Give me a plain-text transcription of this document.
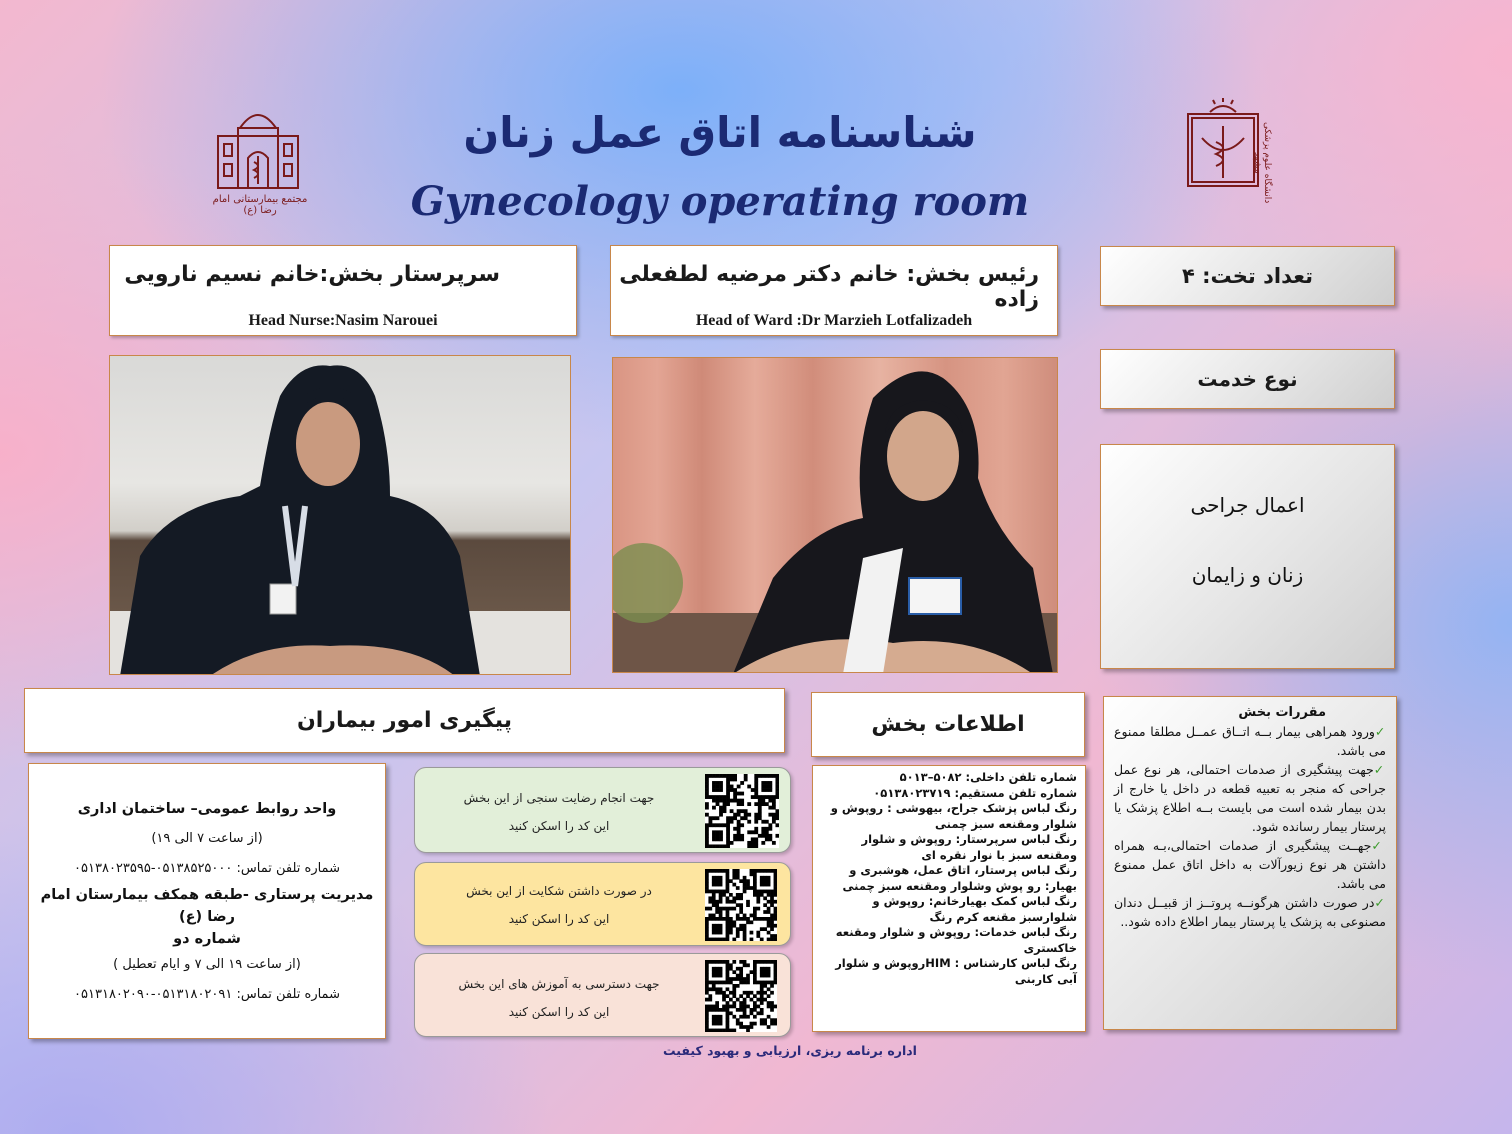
شناسنامه اتاق عمل زنان
Gynecology operating room
مجتمع بیمارستانی امام رضا (ع)
دانشگاه علوم پزشکی مشهد
سرپرستار بخش:خانم نسیم نارویی
Head Nurse:Nasim Narouei
رئیس بخش: خانم دکتر مرضیه لطفعلی زاده
Head of Ward :Dr Marzieh Lotfalizadeh
تعداد تخت: ۴
نوع خدمت
اعمال جراحی
زنان و زایمان
پیگیری امور بیماران	اطلاعات بخش
واحد روابط عمومی– ساختمان اداری
(از ساعت ۷ الی ۱۹)
شماره تلفن تماس: ۰۵۱۳۸۵۲۵۰۰۰-۰۵۱۳۸۰۲۳۵۹۵
مدیریت پرستاری -طبقه همکف بیمارستان امام رضا (ع)
شماره دو
(از ساعت ۱۹ الی ۷ و ایام تعطیل )
شماره تلفن تماس: ۰۵۱۳۱۸۰۲۰۹۱-۰۵۱۳۱۸۰۲۰۹۰
جهت انجام رضایت سنجی از این بخش
این کد را اسکن کنید
در صورت داشتن شکایت از این بخش
این کد را اسکن کنید
جهت دسترسی به آموزش های این بخش
این کد را اسکن کنید
شماره تلفن داخلی: ۵۰۸۲–۵۰۱۳
شماره تلفن مستقیم: ۰۵۱۳۸۰۲۳۷۱۹
رنگ لباس پزشک جراح، بیهوشی : روپوش و شلوار ومقنعه سبز چمنی
رنگ لباس سرپرستار: روپوش و شلوار ومقنعه سبز با نوار نقره ای
رنگ لباس پرستار، اتاق عمل، هوشبری و بهیار: رو پوش وشلوار ومقنعه سبز چمنی
رنگ لباس کمک بهیارخانم: روپوش و شلوارسبز مقنعه کرم رنگ
رنگ لباس خدمات: روپوش و شلوار ومقنعه خاکستری
رنگ لباس کارشناس : HIMروپوش و شلوار آبی کاربنی
مقررات بخش
✓ورود همراهی بیمار بــه اتــاق عمــل مطلقا ممنوع می باشد.
✓جهت پیشگیری از صدمات احتمالی، هر نوع عمل جراحی که منجر به تعبیه قطعه در داخل یا خارج از بدن بیمار شده است می بایست بــه اطلاع پزشک یا پرستار بیمار رسانده شود.
✓جهــت پیشگیری از صدمات احتمالی،بـه همراه داشتن هر نوع زیورآلات به داخل اتاق عمل ممنوع می باشد.
✓در صورت داشتن هرگونــه پروتــز از قبیــل دندان مصنوعی به پزشک یا پرستار بیمار اطلاع داده شود..
اداره برنامه ریزی، ارزیابی و بهبود کیفیت
